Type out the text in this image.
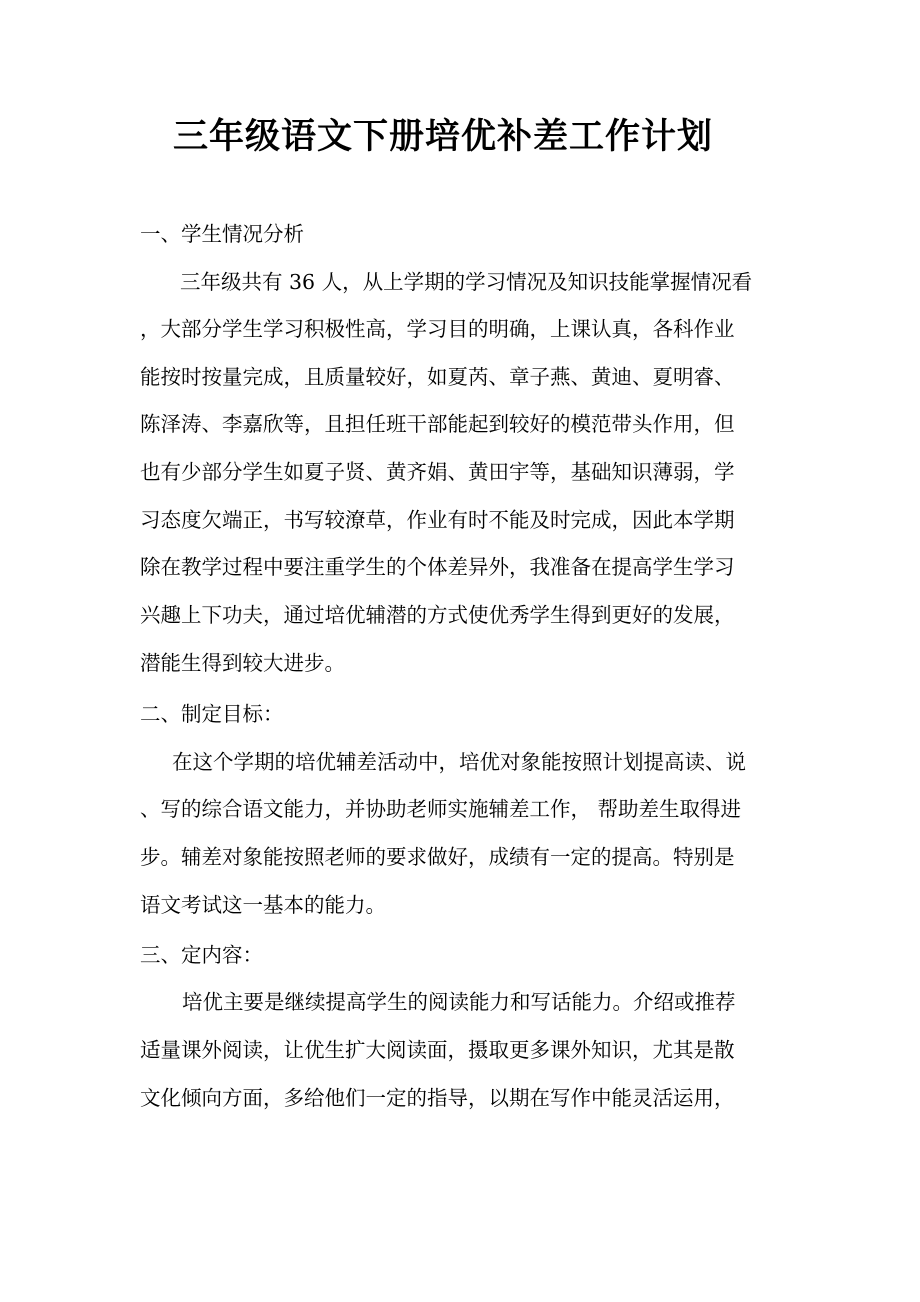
三年级语文下册培优补差工作计划
一、学生情况分析
三年级共有 36 人，从上学期的学习情况及知识技能掌握情况看
，大部分学生学习积极性高，学习目的明确，上课认真，各科作业
能按时按量完成，且质量较好，如夏芮、章子燕、黄迪、夏明睿、
陈泽涛、李嘉欣等，且担任班干部能起到较好的模范带头作用，但
也有少部分学生如夏子贤、黄齐娟、黄田宇等，基础知识薄弱，学
习态度欠端正，书写较潦草，作业有时不能及时完成，因此本学期
除在教学过程中要注重学生的个体差异外，我准备在提高学生学习
兴趣上下功夫，通过培优辅潜的方式使优秀学生得到更好的发展，
潜能生得到较大进步。
二、制定目标：
在这个学期的培优辅差活动中，培优对象能按照计划提高读、说
、写的综合语文能力，并协助老师实施辅差工作， 帮助差生取得进
步。辅差对象能按照老师的要求做好，成绩有一定的提高。特别是
语文考试这一基本的能力。
三、定内容：
培优主要是继续提高学生的阅读能力和写话能力。介绍或推荐
适量课外阅读，让优生扩大阅读面，摄取更多课外知识，尤其是散
文化倾向方面，多给他们一定的指导，以期在写作中能灵活运用，
